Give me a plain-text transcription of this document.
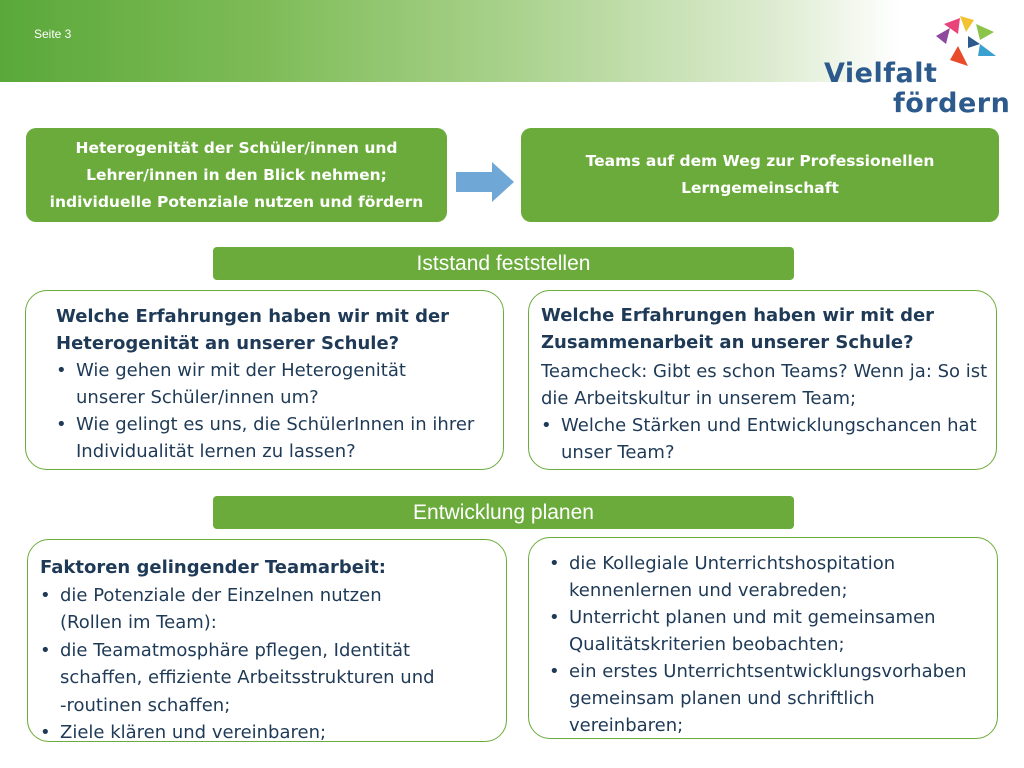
Seite 3
Vielfalt
fördern
Heterogenität der Schüler/innen und
Lehrer/innen in den Blick nehmen;
individuelle Potenziale nutzen und fördern
Teams auf dem Weg zur Professionellen
Lerngemeinschaft
Iststand feststellen

Welche Erfahrungen haben wir mit der

Heterogenität an unserer Schule?

• Wie gehen wir mit der Heterogenität
unserer Schüler/innen um?
• Wie gelingt es uns, die SchülerInnen in ihrer
Individualität lernen zu lassen?

Welche Erfahrungen haben wir mit der

Zusammenarbeit an unserer Schule?

Teamcheck: Gibt es schon Teams? Wenn ja: So ist

die Arbeitskultur in unserem Team;

• Welche Stärken und Entwicklungschancen hat
unser Team?
Entwicklung planen

Faktoren gelingender Teamarbeit:

• die Potenziale der Einzelnen nutzen
(Rollen im Team):
• die Teamatmosphäre pflegen, Identität
schaffen, effiziente Arbeitsstrukturen und
-routinen schaffen;
• Ziele klären und vereinbaren;
• die Kollegiale Unterrichtshospitation
kennenlernen und verabreden;
• Unterricht planen und mit gemeinsamen
Qualitätskriterien beobachten;
• ein erstes Unterrichtsentwicklungsvorhaben
gemeinsam planen und schriftlich
vereinbaren;
